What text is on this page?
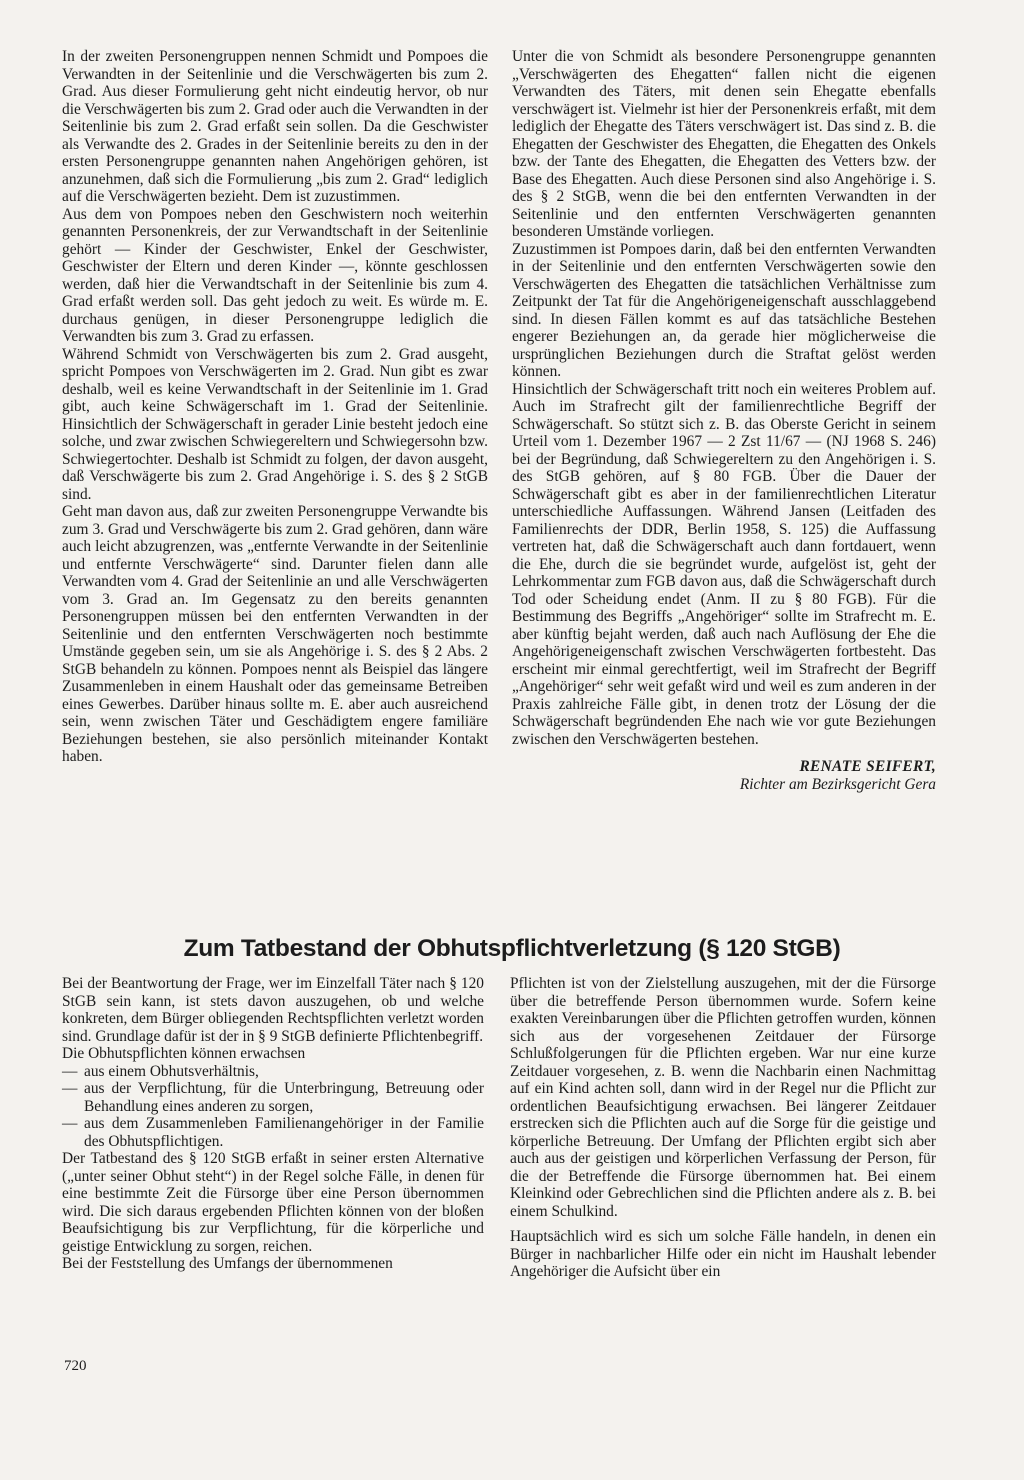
In der zweiten Personengruppen nennen Schmidt und Pompoes die Verwandten in der Seitenlinie und die Verschwägerten bis zum 2. Grad. Aus dieser Formulierung geht nicht eindeutig hervor, ob nur die Verschwägerten bis zum 2. Grad oder auch die Verwandten in der Seitenlinie bis zum 2. Grad erfaßt sein sollen. Da die Geschwister als Verwandte des 2. Grades in der Seitenlinie bereits zu den in der ersten Personengruppe genannten nahen Angehörigen gehören, ist anzunehmen, daß sich die Formulierung „bis zum 2. Grad“ lediglich auf die Verschwägerten bezieht. Dem ist zuzustimmen.

Aus dem von Pompoes neben den Geschwistern noch weiterhin genannten Personenkreis, der zur Verwandtschaft in der Seitenlinie gehört — Kinder der Geschwister, Enkel der Geschwister, Geschwister der Eltern und deren Kinder —, könnte geschlossen werden, daß hier die Verwandtschaft in der Seitenlinie bis zum 4. Grad erfaßt werden soll. Das geht jedoch zu weit. Es würde m. E. durchaus genügen, in dieser Personengruppe lediglich die Verwandten bis zum 3. Grad zu erfassen.

Während Schmidt von Verschwägerten bis zum 2. Grad ausgeht, spricht Pompoes von Verschwägerten im 2. Grad. Nun gibt es zwar deshalb, weil es keine Verwandtschaft in der Seitenlinie im 1. Grad gibt, auch keine Schwägerschaft im 1. Grad der Seitenlinie. Hinsichtlich der Schwägerschaft in gerader Linie besteht jedoch eine solche, und zwar zwischen Schwiegereltern und Schwiegersohn bzw. Schwiegertochter. Deshalb ist Schmidt zu folgen, der davon ausgeht, daß Verschwägerte bis zum 2. Grad Angehörige i. S. des § 2 StGB sind.

Geht man davon aus, daß zur zweiten Personengruppe Verwandte bis zum 3. Grad und Verschwägerte bis zum 2. Grad gehören, dann wäre auch leicht abzugrenzen, was „entfernte Verwandte in der Seitenlinie und entfernte Verschwägerte“ sind. Darunter fielen dann alle Verwandten vom 4. Grad der Seitenlinie an und alle Verschwägerten vom 3. Grad an. Im Gegensatz zu den bereits genannten Personengruppen müssen bei den entfernten Verwandten in der Seitenlinie und den entfernten Verschwägerten noch bestimmte Umstände gegeben sein, um sie als Angehörige i. S. des § 2 Abs. 2 StGB behandeln zu können. Pompoes nennt als Beispiel das längere Zusammenleben in einem Haushalt oder das gemeinsame Betreiben eines Gewerbes. Darüber hinaus sollte m. E. aber auch ausreichend sein, wenn zwischen Täter und Geschädigtem engere familiäre Beziehungen bestehen, sie also persönlich miteinander Kontakt haben.

Unter die von Schmidt als besondere Personengruppe genannten „Verschwägerten des Ehegatten“ fallen nicht die eigenen Verwandten des Täters, mit denen sein Ehegatte ebenfalls verschwägert ist. Vielmehr ist hier der Personenkreis erfaßt, mit dem lediglich der Ehegatte des Täters verschwägert ist. Das sind z. B. die Ehegatten der Geschwister des Ehegatten, die Ehegatten des Onkels bzw. der Tante des Ehegatten, die Ehegatten des Vetters bzw. der Base des Ehegatten. Auch diese Personen sind also Angehörige i. S. des § 2 StGB, wenn die bei den entfernten Verwandten in der Seitenlinie und den entfernten Verschwägerten genannten besonderen Umstände vorliegen.

Zuzustimmen ist Pompoes darin, daß bei den entfernten Verwandten in der Seitenlinie und den entfernten Verschwägerten sowie den Verschwägerten des Ehegatten die tatsächlichen Verhältnisse zum Zeitpunkt der Tat für die Angehörigeneigenschaft ausschlaggebend sind. In diesen Fällen kommt es auf das tatsächliche Bestehen engerer Beziehungen an, da gerade hier möglicherweise die ursprünglichen Beziehungen durch die Straftat gelöst werden können.

Hinsichtlich der Schwägerschaft tritt noch ein weiteres Problem auf. Auch im Strafrecht gilt der familienrechtliche Begriff der Schwägerschaft. So stützt sich z. B. das Oberste Gericht in seinem Urteil vom 1. Dezember 1967 — 2 Zst 11/67 — (NJ 1968 S. 246) bei der Begründung, daß Schwiegereltern zu den Angehörigen i. S. des StGB gehören, auf § 80 FGB. Über die Dauer der Schwägerschaft gibt es aber in der familienrechtlichen Literatur unterschiedliche Auffassungen. Während Jansen (Leitfaden des Familienrechts der DDR, Berlin 1958, S. 125) die Auffassung vertreten hat, daß die Schwägerschaft auch dann fortdauert, wenn die Ehe, durch die sie begründet wurde, aufgelöst ist, geht der Lehrkommentar zum FGB davon aus, daß die Schwägerschaft durch Tod oder Scheidung endet (Anm. II zu § 80 FGB). Für die Bestimmung des Begriffs „Angehöriger“ sollte im Strafrecht m. E. aber künftig bejaht werden, daß auch nach Auflösung der Ehe die Angehörigeneigenschaft zwischen Verschwägerten fortbesteht. Das erscheint mir einmal gerechtfertigt, weil im Strafrecht der Begriff „Angehöriger“ sehr weit gefaßt wird und weil es zum anderen in der Praxis zahlreiche Fälle gibt, in denen trotz der Lösung der die Schwägerschaft begründenden Ehe nach wie vor gute Beziehungen zwischen den Verschwägerten bestehen.

RENATE SEIFERT,
Richter am Bezirksgericht Gera
Zum Tatbestand der Obhutspflichtverletzung (§ 120 StGB)

Bei der Beantwortung der Frage, wer im Einzelfall Täter nach § 120 StGB sein kann, ist stets davon auszugehen, ob und welche konkreten, dem Bürger obliegenden Rechtspflichten verletzt worden sind. Grundlage dafür ist der in § 9 StGB definierte Pflichtenbegriff.

Die Obhutspflichten können erwachsen

— aus einem Obhutsverhältnis,
— aus der Verpflichtung, für die Unterbringung, Betreuung oder Behandlung eines anderen zu sorgen,
— aus dem Zusammenleben Familienangehöriger in der Familie des Obhutspflichtigen.

Der Tatbestand des § 120 StGB erfaßt in seiner ersten Alternative („unter seiner Obhut steht“) in der Regel solche Fälle, in denen für eine bestimmte Zeit die Fürsorge über eine Person übernommen wird. Die sich daraus ergebenden Pflichten können von der bloßen Beaufsichtigung bis zur Verpflichtung, für die körperliche und geistige Entwicklung zu sorgen, reichen.

Bei der Feststellung des Umfangs der übernommenen

Pflichten ist von der Zielstellung auszugehen, mit der die Fürsorge über die betreffende Person übernommen wurde. Sofern keine exakten Vereinbarungen über die Pflichten getroffen wurden, können sich aus der vorgesehenen Zeitdauer der Fürsorge Schlußfolgerungen für die Pflichten ergeben. War nur eine kurze Zeitdauer vorgesehen, z. B. wenn die Nachbarin einen Nachmittag auf ein Kind achten soll, dann wird in der Regel nur die Pflicht zur ordentlichen Beaufsichtigung erwachsen. Bei längerer Zeitdauer erstrecken sich die Pflichten auch auf die Sorge für die geistige und körperliche Betreuung. Der Umfang der Pflichten ergibt sich aber auch aus der geistigen und körperlichen Verfassung der Person, für die der Betreffende die Fürsorge übernommen hat. Bei einem Kleinkind oder Gebrechlichen sind die Pflichten andere als z. B. bei einem Schulkind.

Hauptsächlich wird es sich um solche Fälle handeln, in denen ein Bürger in nachbarlicher Hilfe oder ein nicht im Haushalt lebender Angehöriger die Aufsicht über ein

720
